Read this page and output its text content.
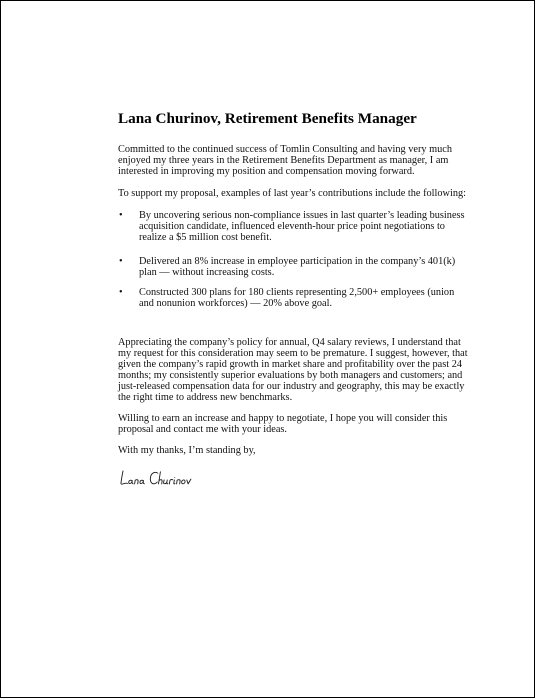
Lana Churinov, Retirement Benefits Manager

Committed to the continued success of Tomlin Consulting and having very much enjoyed my three years in the Retirement Benefits Department as manager, I am interested in improving my position and compensation moving forward.

To support my proposal, examples of last year’s contributions include the following:

• By uncovering serious non-compliance issues in last quarter’s leading business acquisition candidate, influenced eleventh-hour price point negotiations to realize a $5 million cost benefit.
• Delivered an 8% increase in employee participation in the company’s 401(k) plan — without increasing costs.
• Constructed 300 plans for 180 clients representing 2,500+ employees (union and nonunion workforces) — 20% above goal.

Appreciating the company’s policy for annual, Q4 salary reviews, I understand that my request for this consideration may seem to be premature. I suggest, however, that given the company’s rapid growth in market share and profitability over the past 24 months; my consistently superior evaluations by both managers and customers; and just-released compensation data for our industry and geography, this may be exactly the right time to address new benchmarks.

Willing to earn an increase and happy to negotiate, I hope you will consider this proposal and contact me with your ideas.

With my thanks, I’m standing by,
